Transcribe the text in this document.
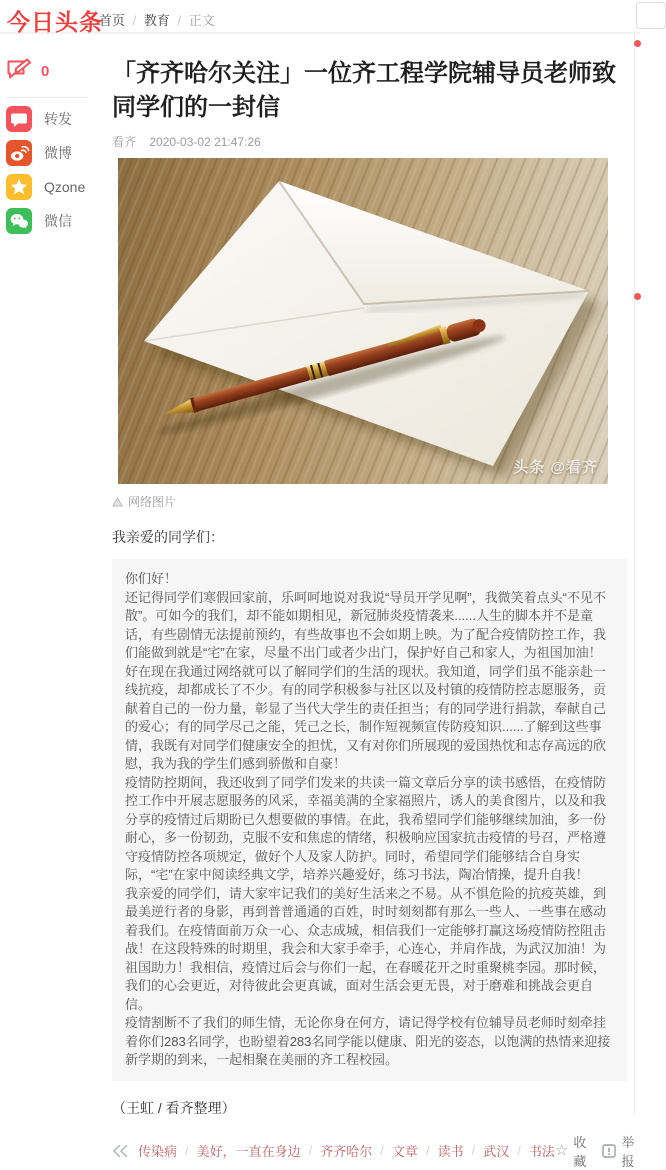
今日头条
首页 / 教育 / 正文
0
转发
微博
Qzone
微信
「齐齐哈尔关注」一位齐工程学院辅导员老师致同学们的一封信
看齐 2020-03-02 21:47:26
头条 @看齐
网络图片

我亲爱的同学们：

你们好！
还记得同学们寒假回家前，乐呵呵地说对我说“导员开学见啊”，我微笑着点头“不见不散”。可如今的我们，却不能如期相见，新冠肺炎疫情袭来......人生的脚本并不是童话，有些剧情无法提前预约，有些故事也不会如期上映。为了配合疫情防控工作，我们能做到就是“宅”在家，尽量不出门或者少出门，保护好自己和家人，为祖国加油！
好在现在我通过网络就可以了解同学们的生活的现状。我知道，同学们虽不能亲赴一线抗疫，却都成长了不少。有的同学积极参与社区以及村镇的疫情防控志愿服务，贡献着自己的一份力量，彰显了当代大学生的责任担当；有的同学进行捐款，奉献自己的爱心；有的同学尽己之能，凭己之长，制作短视频宣传防疫知识......了解到这些事情，我既有对同学们健康安全的担忧，又有对你们所展现的爱国热忱和志存高远的欣慰，我为我的学生们感到骄傲和自豪！
疫情防控期间，我还收到了同学们发来的共读一篇文章后分享的读书感悟，在疫情防控工作中开展志愿服务的风采，幸福美满的全家福照片，诱人的美食图片，以及和我分享的疫情过后期盼已久想要做的事情。在此，我希望同学们能够继续加油，多一份耐心，多一份韧劲，克服不安和焦虑的情绪，积极响应国家抗击疫情的号召，严格遵守疫情防控各项规定，做好个人及家人防护。同时，希望同学们能够结合自身实际，“宅”在家中阅读经典文学，培养兴趣爱好，练习书法，陶冶情操，提升自我！
我亲爱的同学们，请大家牢记我们的美好生活来之不易。从不惧危险的抗疫英雄，到最美逆行者的身影，再到普普通通的百姓，时时刻刻都有那么一些人、一些事在感动着我们。在疫情面前万众一心、众志成城，相信我们一定能够打赢这场疫情防控阻击战！在这段特殊的时期里，我会和大家手牵手，心连心，并肩作战，为武汉加油！为祖国助力！我相信，疫情过后会与你们一起，在春暖花开之时重聚桃李园。那时候，我们的心会更近，对待彼此会更真诚，面对生活会更无畏，对于磨难和挑战会更自信。
疫情割断不了我们的师生情，无论你身在何方，请记得学校有位辅导员老师时刻牵挂着你们283名同学，也盼望着283名同学能以健康、阳光的姿态，以饱满的热情来迎接新学期的到来，一起相聚在美丽的齐工程校园。

（王虹 / 看齐整理）

传染病 / 美好，一直在身边 / 齐齐哈尔 / 文章 / 读书 / 武汉 / 书法 ☆ 收藏
举报
